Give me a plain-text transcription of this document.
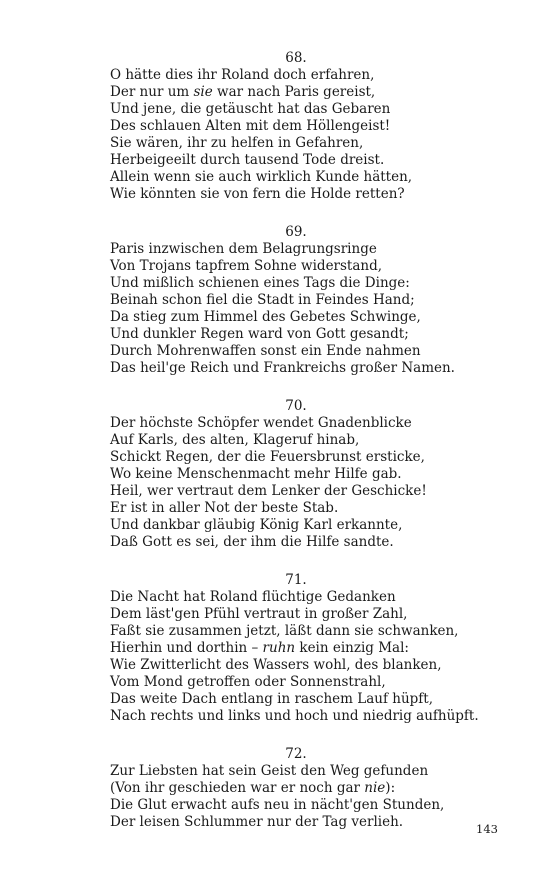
68.
O hätte dies ihr Roland doch erfahren,
Der nur um sie war nach Paris gereist,
Und jene, die getäuscht hat das Gebaren
Des schlauen Alten mit dem Höllengeist!
Sie wären, ihr zu helfen in Gefahren,
Herbeigeeilt durch tausend Tode dreist.
Allein wenn sie auch wirklich Kunde hätten,
Wie könnten sie von fern die Holde retten?
69.
Paris inzwischen dem Belagrungsringe
Von Trojans tapfrem Sohne widerstand,
Und mißlich schienen eines Tags die Dinge:
Beinah schon fiel die Stadt in Feindes Hand;
Da stieg zum Himmel des Gebetes Schwinge,
Und dunkler Regen ward von Gott gesandt;
Durch Mohrenwaffen sonst ein Ende nahmen
Das heil'ge Reich und Frankreichs großer Namen.
70.
Der höchste Schöpfer wendet Gnadenblicke
Auf Karls, des alten, Klageruf hinab,
Schickt Regen, der die Feuersbrunst ersticke,
Wo keine Menschenmacht mehr Hilfe gab.
Heil, wer vertraut dem Lenker der Geschicke!
Er ist in aller Not der beste Stab.
Und dankbar gläubig König Karl erkannte,
Daß Gott es sei, der ihm die Hilfe sandte.
71.
Die Nacht hat Roland flüchtige Gedanken
Dem läst'gen Pfühl vertraut in großer Zahl,
Faßt sie zusammen jetzt, läßt dann sie schwanken,
Hierhin und dorthin – ruhn kein einzig Mal:
Wie Zwitterlicht des Wassers wohl, des blanken,
Vom Mond getroffen oder Sonnenstrahl,
Das weite Dach entlang in raschem Lauf hüpft,
Nach rechts und links und hoch und niedrig aufhüpft.
72.
Zur Liebsten hat sein Geist den Weg gefunden
(Von ihr geschieden war er noch gar nie):
Die Glut erwacht aufs neu in nächt'gen Stunden,
Der leisen Schlummer nur der Tag verlieh.	143
